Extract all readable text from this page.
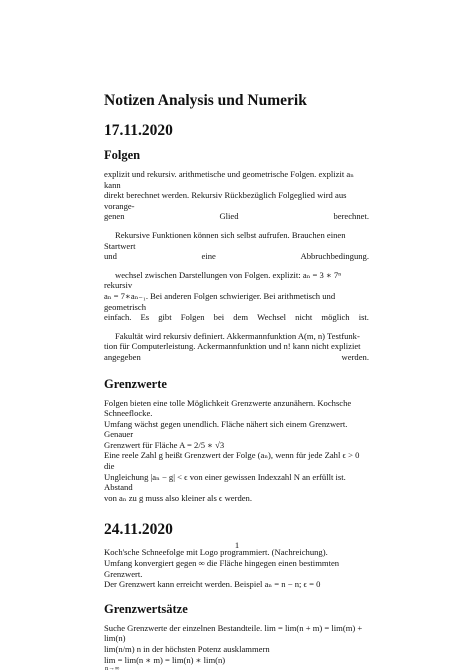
Notizen Analysis und Numerik
17.11.2020
Folgen
explizit und rekursiv. arithmetische und geometrische Folgen. explizit aₙ kann
direkt berechnet werden. Rekursiv Rückbezüglich Folgeglied wird aus vorange-
genen	Glied	berechnet.
Rekursive Funktionen können sich selbst aufrufen. Brauchen einen Startwert
und	eine	Abbruchbedingung.
wechsel zwischen Darstellungen von Folgen. explizit: aₙ = 3 ∗ 7ⁿ rekursiv
aₙ = 7∗aₙ₋₁. Bei anderen Folgen schwieriger. Bei arithmetisch und geometrisch
einfach. Es gibt Folgen bei dem Wechsel nicht möglich ist.
Fakultät wird rekursiv definiert. Akkermannfunktion A(m, n) Testfunk-
tion für Computerleistung. Ackermannfunktion und n! kann nicht expliziet
angegeben	werden.
Grenzwerte
Folgen bieten eine tolle Möglichkeit Grenzwerte anzunähern. Kochsche Schneeflocke.
Umfang wächst gegen unendlich. Fläche nähert sich einem Grenzwert. Genauer
Grenzwert für Fläche A = 2/5 ∗ √3
Eine reele Zahl g heißt Grenzwert der Folge (aₙ), wenn für jede Zahl ϵ > 0 die
Ungleichung |aₙ − g| < ϵ von einer gewissen Indexzahl N an erfüllt ist. Abstand
von aₙ zu g muss also kleiner als ϵ werden.
24.11.2020
Koch'sche Schneefolge mit Logo programmiert. (Nachreichung).
Umfang konvergiert gegen ∞ die Fläche hingegen einen bestimmten Grenzwert.
Der Grenzwert kann erreicht werden. Beispiel aₙ = n − n; ϵ = 0
Grenzwertsätze
Suche Grenzwerte der einzelnen Bestandteile. lim = lim(n + m) = lim(m) +
lim(n)
lim(n/m) n in der höchsten Potenz ausklammern
lim = lim(n ∗ m) = lim(n) ∗ lim(n)
n→∞
1
